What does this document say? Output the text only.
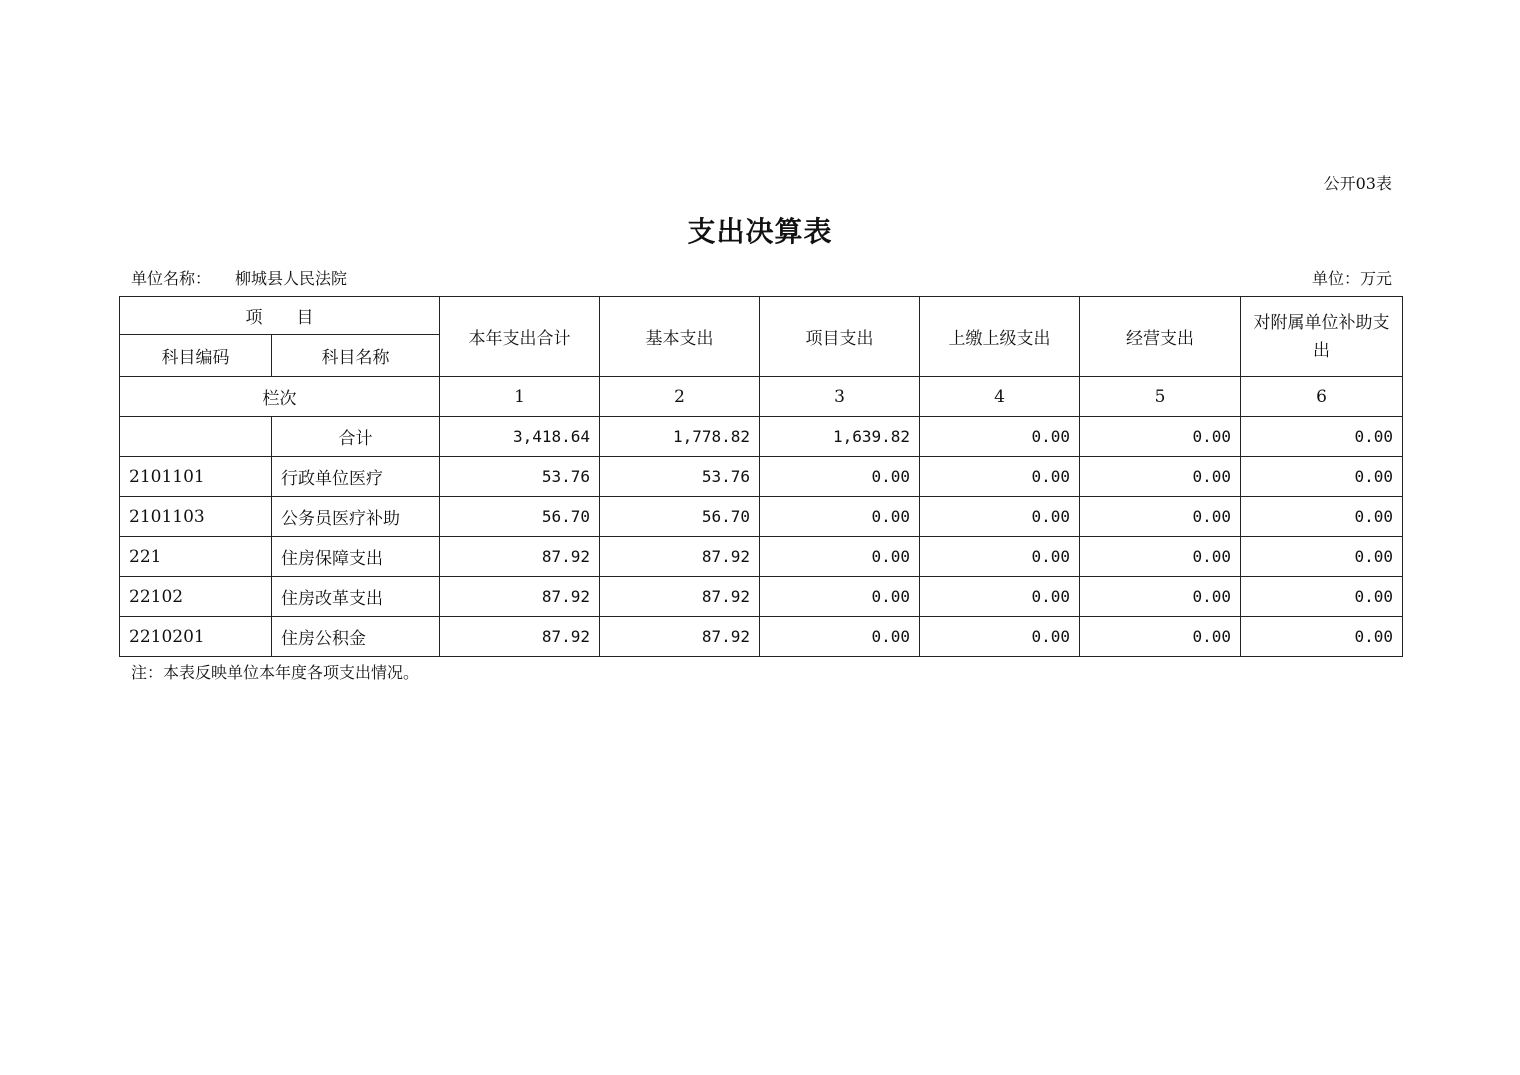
公开03表
支出决算表
单位名称： 柳城县人民法院	单位：万元
项　　目		本年支出合计	基本支出	项目支出	上缴上级支出	经营支出	对附属单位补助支出
科目编码	科目名称						
栏次		1	2	3	4	5	6
	合计	3,418.64	1,778.82	1,639.82	0.00	0.00	0.00
2101101	行政单位医疗	53.76	53.76	0.00	0.00	0.00	0.00
2101103	公务员医疗补助	56.70	56.70	0.00	0.00	0.00	0.00
221	住房保障支出	87.92	87.92	0.00	0.00	0.00	0.00
22102	住房改革支出	87.92	87.92	0.00	0.00	0.00	0.00
2210201	住房公积金	87.92	87.92	0.00	0.00	0.00	0.00
注：本表反映单位本年度各项支出情况。
